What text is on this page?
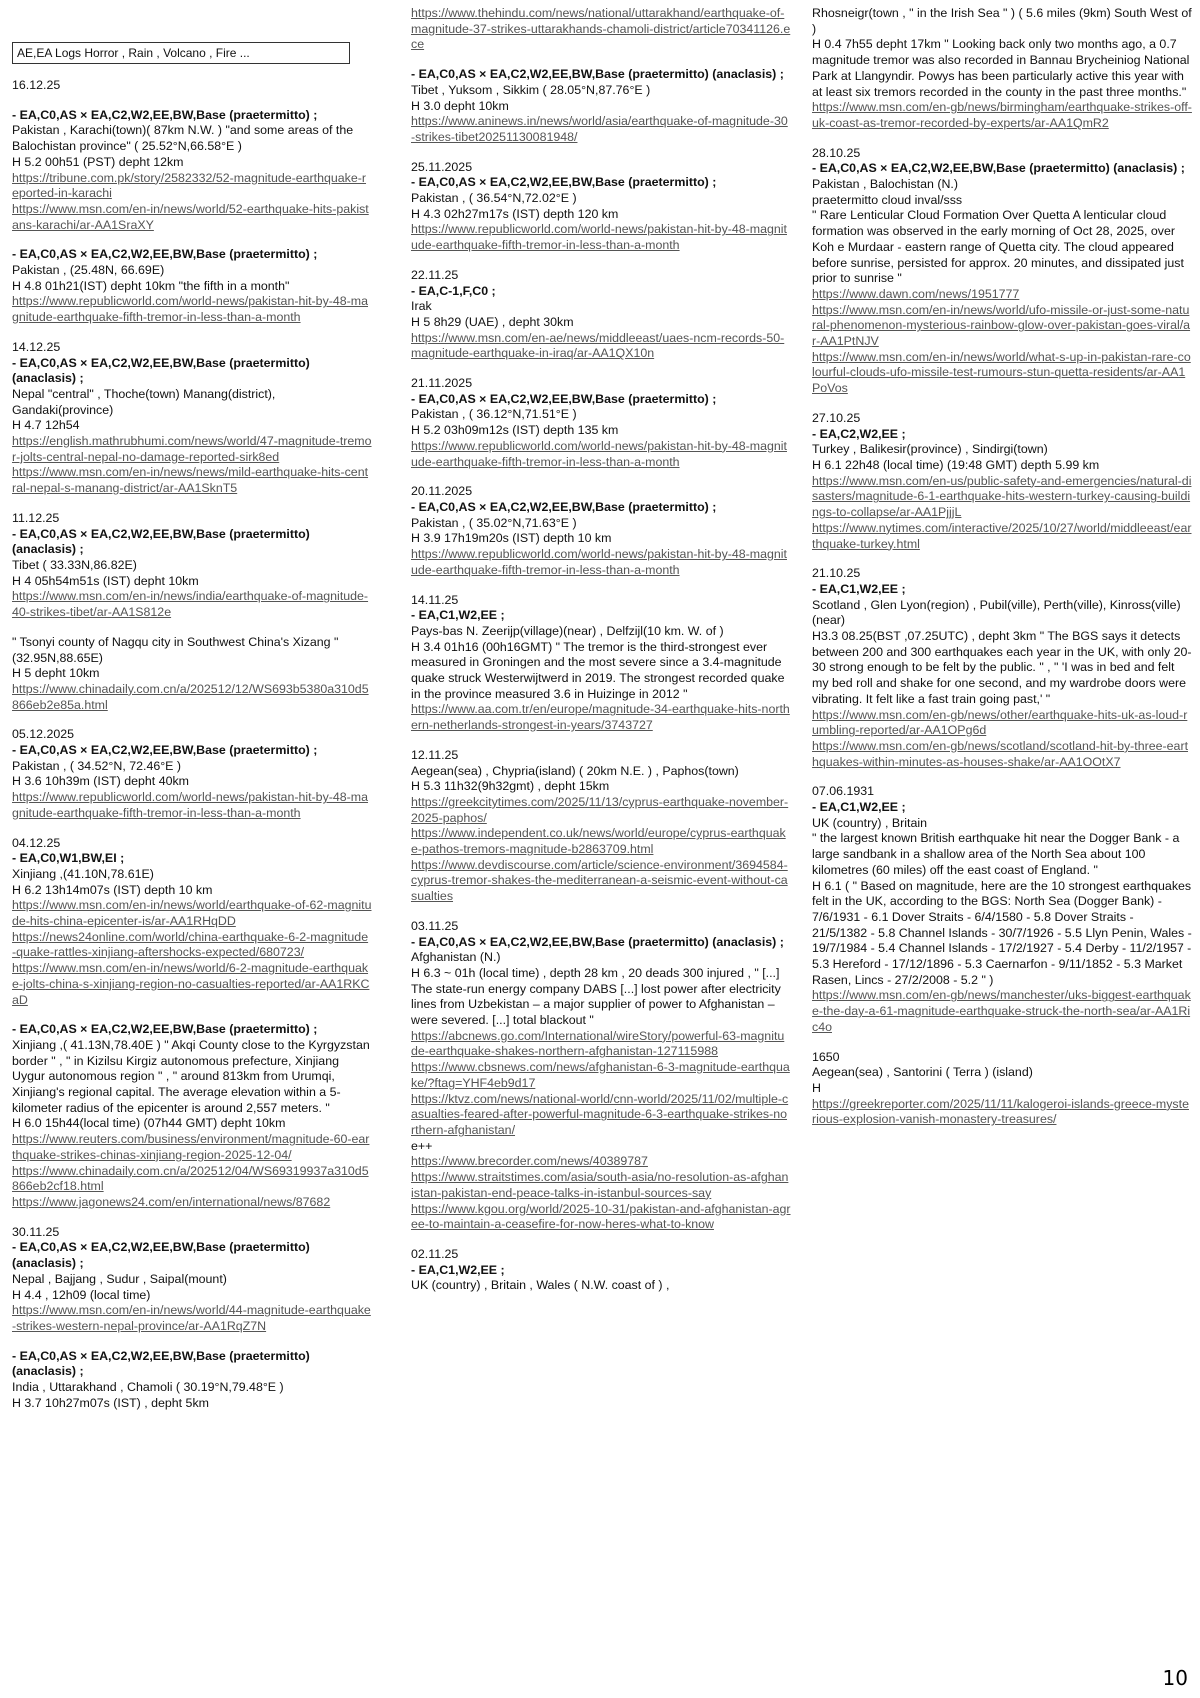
AE,EA Logs Horror , Rain , Volcano , Fire ...
16.12.25
- EA,C0,AS × EA,C2,W2,EE,BW,Base (praetermitto) ;
Pakistan , Karachi(town)( 87km N.W. ) "and some areas of the Balochistan province" ( 25.52°N,66.58°E )
H 5.2 00h51 (PST) depht 12km
https://tribune.com.pk/story/2582332/52-magnitude-earthquake-reported-in-karachi
https://www.msn.com/en-in/news/world/52-earthquake-hits-pakistans-karachi/ar-AA1SraXY
- EA,C0,AS × EA,C2,W2,EE,BW,Base (praetermitto) ;
Pakistan , (25.48N, 66.69E)
H 4.8 01h21(IST) depht 10km "the fifth in a month"
https://www.republicworld.com/world-news/pakistan-hit-by-48-magnitude-earthquake-fifth-tremor-in-less-than-a-month
14.12.25
- EA,C0,AS × EA,C2,W2,EE,BW,Base (praetermitto) (anaclasis) ;
Nepal "central" , Thoche(town) Manang(district), Gandaki(province)
H 4.7 12h54
https://english.mathrubhumi.com/news/world/47-magnitude-tremor-jolts-central-nepal-no-damage-reported-sirk8ed
https://www.msn.com/en-in/news/news/mild-earthquake-hits-central-nepal-s-manang-district/ar-AA1SknT5
11.12.25
- EA,C0,AS × EA,C2,W2,EE,BW,Base (praetermitto) (anaclasis) ;
Tibet ( 33.33N,86.82E)
H 4 05h54m51s (IST) depht 10km
https://www.msn.com/en-in/news/india/earthquake-of-magnitude-40-strikes-tibet/ar-AA1S812e
" Tsonyi county of Nagqu city in Southwest China's Xizang " (32.95N,88.65E)
H 5 depht 10km
https://www.chinadaily.com.cn/a/202512/12/WS693b5380a310d5866eb2e85a.html
05.12.2025
- EA,C0,AS × EA,C2,W2,EE,BW,Base (praetermitto) ;
Pakistan , ( 34.52°N, 72.46°E )
H 3.6 10h39m (IST) depht 40km
https://www.republicworld.com/world-news/pakistan-hit-by-48-magnitude-earthquake-fifth-tremor-in-less-than-a-month
04.12.25
- EA,C0,W1,BW,EI ;
Xinjiang ,(41.10N,78.61E)
H 6.2 13h14m07s (IST) depth 10 km
https://www.msn.com/en-in/news/world/earthquake-of-62-magnitude-hits-china-epicenter-is/ar-AA1RHqDD
https://news24online.com/world/china-earthquake-6-2-magnitude-quake-rattles-xinjiang-aftershocks-expected/680723/
https://www.msn.com/en-in/news/world/6-2-magnitude-earthquake-jolts-china-s-xinjiang-region-no-casualties-reported/ar-AA1RKCaD
- EA,C0,AS × EA,C2,W2,EE,BW,Base (praetermitto) ;
Xinjiang ,( 41.13N,78.40E ) " Akqi County close to the Kyrgyzstan border " , " in Kizilsu Kirgiz autonomous prefecture, Xinjiang Uygur autonomous region " , " around 813km from Urumqi, Xinjiang's regional capital. The average elevation within a 5-kilometer radius of the epicenter is around 2,557 meters. "
H 6.0 15h44(local time) (07h44 GMT) depht 10km
https://www.reuters.com/business/environment/magnitude-60-earthquake-strikes-chinas-xinjiang-region-2025-12-04/
https://www.chinadaily.com.cn/a/202512/04/WS69319937a310d5866eb2cf18.html
https://www.jagonews24.com/en/international/news/87682
30.11.25
- EA,C0,AS × EA,C2,W2,EE,BW,Base (praetermitto) (anaclasis) ;
Nepal , Bajjang , Sudur , Saipal(mount)
H 4.4 , 12h09 (local time)
https://www.msn.com/en-in/news/world/44-magnitude-earthquake-strikes-western-nepal-province/ar-AA1RqZ7N
- EA,C0,AS × EA,C2,W2,EE,BW,Base (praetermitto) (anaclasis) ;
India , Uttarakhand , Chamoli ( 30.19°N,79.48°E )
H 3.7 10h27m07s (IST) , depht 5km
https://www.thehindu.com/news/national/uttarakhand/earthquake-of-magnitude-37-strikes-uttarakhands-chamoli-district/article70341126.ece
- EA,C0,AS × EA,C2,W2,EE,BW,Base (praetermitto) (anaclasis) ;
Tibet , Yuksom , Sikkim ( 28.05°N,87.76°E )
H 3.0 depht 10km
https://www.aninews.in/news/world/asia/earthquake-of-magnitude-30-strikes-tibet20251130081948/
25.11.2025
- EA,C0,AS × EA,C2,W2,EE,BW,Base (praetermitto) ;
Pakistan , ( 36.54°N,72.02°E )
H 4.3 02h27m17s (IST) depth 120 km
https://www.republicworld.com/world-news/pakistan-hit-by-48-magnitude-earthquake-fifth-tremor-in-less-than-a-month
22.11.25
- EA,C-1,F,C0 ;
Irak
H 5 8h29 (UAE) , depht 30km
https://www.msn.com/en-ae/news/middleeast/uaes-ncm-records-50-magnitude-earthquake-in-iraq/ar-AA1QX10n
21.11.2025
- EA,C0,AS × EA,C2,W2,EE,BW,Base (praetermitto) ;
Pakistan , ( 36.12°N,71.51°E )
H 5.2 03h09m12s (IST) depth 135 km
https://www.republicworld.com/world-news/pakistan-hit-by-48-magnitude-earthquake-fifth-tremor-in-less-than-a-month
20.11.2025
- EA,C0,AS × EA,C2,W2,EE,BW,Base (praetermitto) ;
Pakistan , ( 35.02°N,71.63°E )
H 3.9 17h19m20s (IST) depth 10 km
https://www.republicworld.com/world-news/pakistan-hit-by-48-magnitude-earthquake-fifth-tremor-in-less-than-a-month
14.11.25
- EA,C1,W2,EE ;
Pays-bas N. Zeerijp(village)(near) , Delfzijl(10 km. W. of )
H 3.4 01h16 (00h16GMT) " The tremor is the third-strongest ever measured in Groningen and the most severe since a 3.4-magnitude quake struck Westerwijtwerd in 2019. The strongest recorded quake in the province measured 3.6 in Huizinge in 2012 "
https://www.aa.com.tr/en/europe/magnitude-34-earthquake-hits-northern-netherlands-strongest-in-years/3743727
12.11.25
Aegean(sea) , Chypria(island) ( 20km N.E. ) , Paphos(town)
H 5.3 11h32(9h32gmt) , depht 15km
https://greekcitytimes.com/2025/11/13/cyprus-earthquake-november-2025-paphos/
https://www.independent.co.uk/news/world/europe/cyprus-earthquake-pathos-tremors-magnitude-b2863709.html
https://www.devdiscourse.com/article/science-environment/3694584-cyprus-tremor-shakes-the-mediterranean-a-seismic-event-without-casualties
03.11.25
- EA,C0,AS × EA,C2,W2,EE,BW,Base (praetermitto) (anaclasis) ;
Afghanistan (N.)
H 6.3 ~ 01h (local time) , depth 28 km , 20 deads 300 injured , " [...] The state-run energy company DABS [...] lost power after electricity lines from Uzbekistan – a major supplier of power to Afghanistan – were severed. [...] total blackout "
https://abcnews.go.com/International/wireStory/powerful-63-magnitude-earthquake-shakes-northern-afghanistan-127115988
https://www.cbsnews.com/news/afghanistan-6-3-magnitude-earthquake/?ftag=YHF4eb9d17
https://ktvz.com/news/national-world/cnn-world/2025/11/02/multiple-casualties-feared-after-powerful-magnitude-6-3-earthquake-strikes-northern-afghanistan/
e++
https://www.brecorder.com/news/40389787
https://www.straitstimes.com/asia/south-asia/no-resolution-as-afghanistan-pakistan-end-peace-talks-in-istanbul-sources-say
https://www.kgou.org/world/2025-10-31/pakistan-and-afghanistan-agree-to-maintain-a-ceasefire-for-now-heres-what-to-know
02.11.25
- EA,C1,W2,EE ;
UK (country) , Britain , Wales ( N.W. coast of ) ,
Rhosneigr(town , " in the Irish Sea " ) ( 5.6 miles (9km) South West of )
H 0.4 7h55 depht 17km " Looking back only two months ago, a 0.7 magnitude tremor was also recorded in Bannau Brycheiniog National Park at Llangyndir. Powys has been particularly active this year with at least six tremors recorded in the county in the past three months."
https://www.msn.com/en-gb/news/birmingham/earthquake-strikes-off-uk-coast-as-tremor-recorded-by-experts/ar-AA1QmR2
28.10.25
- EA,C0,AS × EA,C2,W2,EE,BW,Base (praetermitto) (anaclasis) ;
Pakistan , Balochistan (N.)
praetermitto cloud inval/sss
" Rare Lenticular Cloud Formation Over Quetta A lenticular cloud formation was observed in the early morning of Oct 28, 2025, over Koh e Murdaar - eastern range of Quetta city. The cloud appeared before sunrise, persisted for approx. 20 minutes, and dissipated just prior to sunrise "
https://www.dawn.com/news/1951777
https://www.msn.com/en-in/news/world/ufo-missile-or-just-some-natural-phenomenon-mysterious-rainbow-glow-over-pakistan-goes-viral/ar-AA1PtNJV
https://www.msn.com/en-in/news/world/what-s-up-in-pakistan-rare-colourful-clouds-ufo-missile-test-rumours-stun-quetta-residents/ar-AA1PoVos
27.10.25
- EA,C2,W2,EE ;
Turkey , Balikesir(province) , Sindirgi(town)
H 6.1 22h48 (local time) (19:48 GMT) depth 5.99 km
https://www.msn.com/en-us/public-safety-and-emergencies/natural-disasters/magnitude-6-1-earthquake-hits-western-turkey-causing-buildings-to-collapse/ar-AA1PjjjL
https://www.nytimes.com/interactive/2025/10/27/world/middleeast/earthquake-turkey.html
21.10.25
- EA,C1,W2,EE ;
Scotland , Glen Lyon(region) , Pubil(ville), Perth(ville), Kinross(ville) (near)
H3.3 08.25(BST ,07.25UTC) , depht 3km " The BGS says it detects between 200 and 300 earthquakes each year in the UK, with only 20-30 strong enough to be felt by the public. " , " 'I was in bed and felt my bed roll and shake for one second, and my wardrobe doors were vibrating. It felt like a fast train going past,' "
https://www.msn.com/en-gb/news/other/earthquake-hits-uk-as-loud-rumbling-reported/ar-AA1OPg6d
https://www.msn.com/en-gb/news/scotland/scotland-hit-by-three-earthquakes-within-minutes-as-houses-shake/ar-AA1OOtX7
07.06.1931
- EA,C1,W2,EE ;
UK (country) , Britain
" the largest known British earthquake hit near the Dogger Bank - a large sandbank in a shallow area of the North Sea about 100 kilometres (60 miles) off the east coast of England. "
H 6.1 ( " Based on magnitude, here are the 10 strongest earthquakes felt in the UK, according to the BGS: North Sea (Dogger Bank) - 7/6/1931 - 6.1 Dover Straits - 6/4/1580 - 5.8 Dover Straits - 21/5/1382 - 5.8 Channel Islands - 30/7/1926 - 5.5 Llyn Penin, Wales - 19/7/1984 - 5.4 Channel Islands - 17/2/1927 - 5.4 Derby - 11/2/1957 - 5.3 Hereford - 17/12/1896 - 5.3 Caernarfon - 9/11/1852 - 5.3 Market Rasen, Lincs - 27/2/2008 - 5.2 " )
https://www.msn.com/en-gb/news/manchester/uks-biggest-earthquake-the-day-a-61-magnitude-earthquake-struck-the-north-sea/ar-AA1Ric4o
1650
Aegean(sea) , Santorini ( Terra ) (island)
H
https://greekreporter.com/2025/11/11/kalogeroi-islands-greece-mysterious-explosion-vanish-monastery-treasures/
10
